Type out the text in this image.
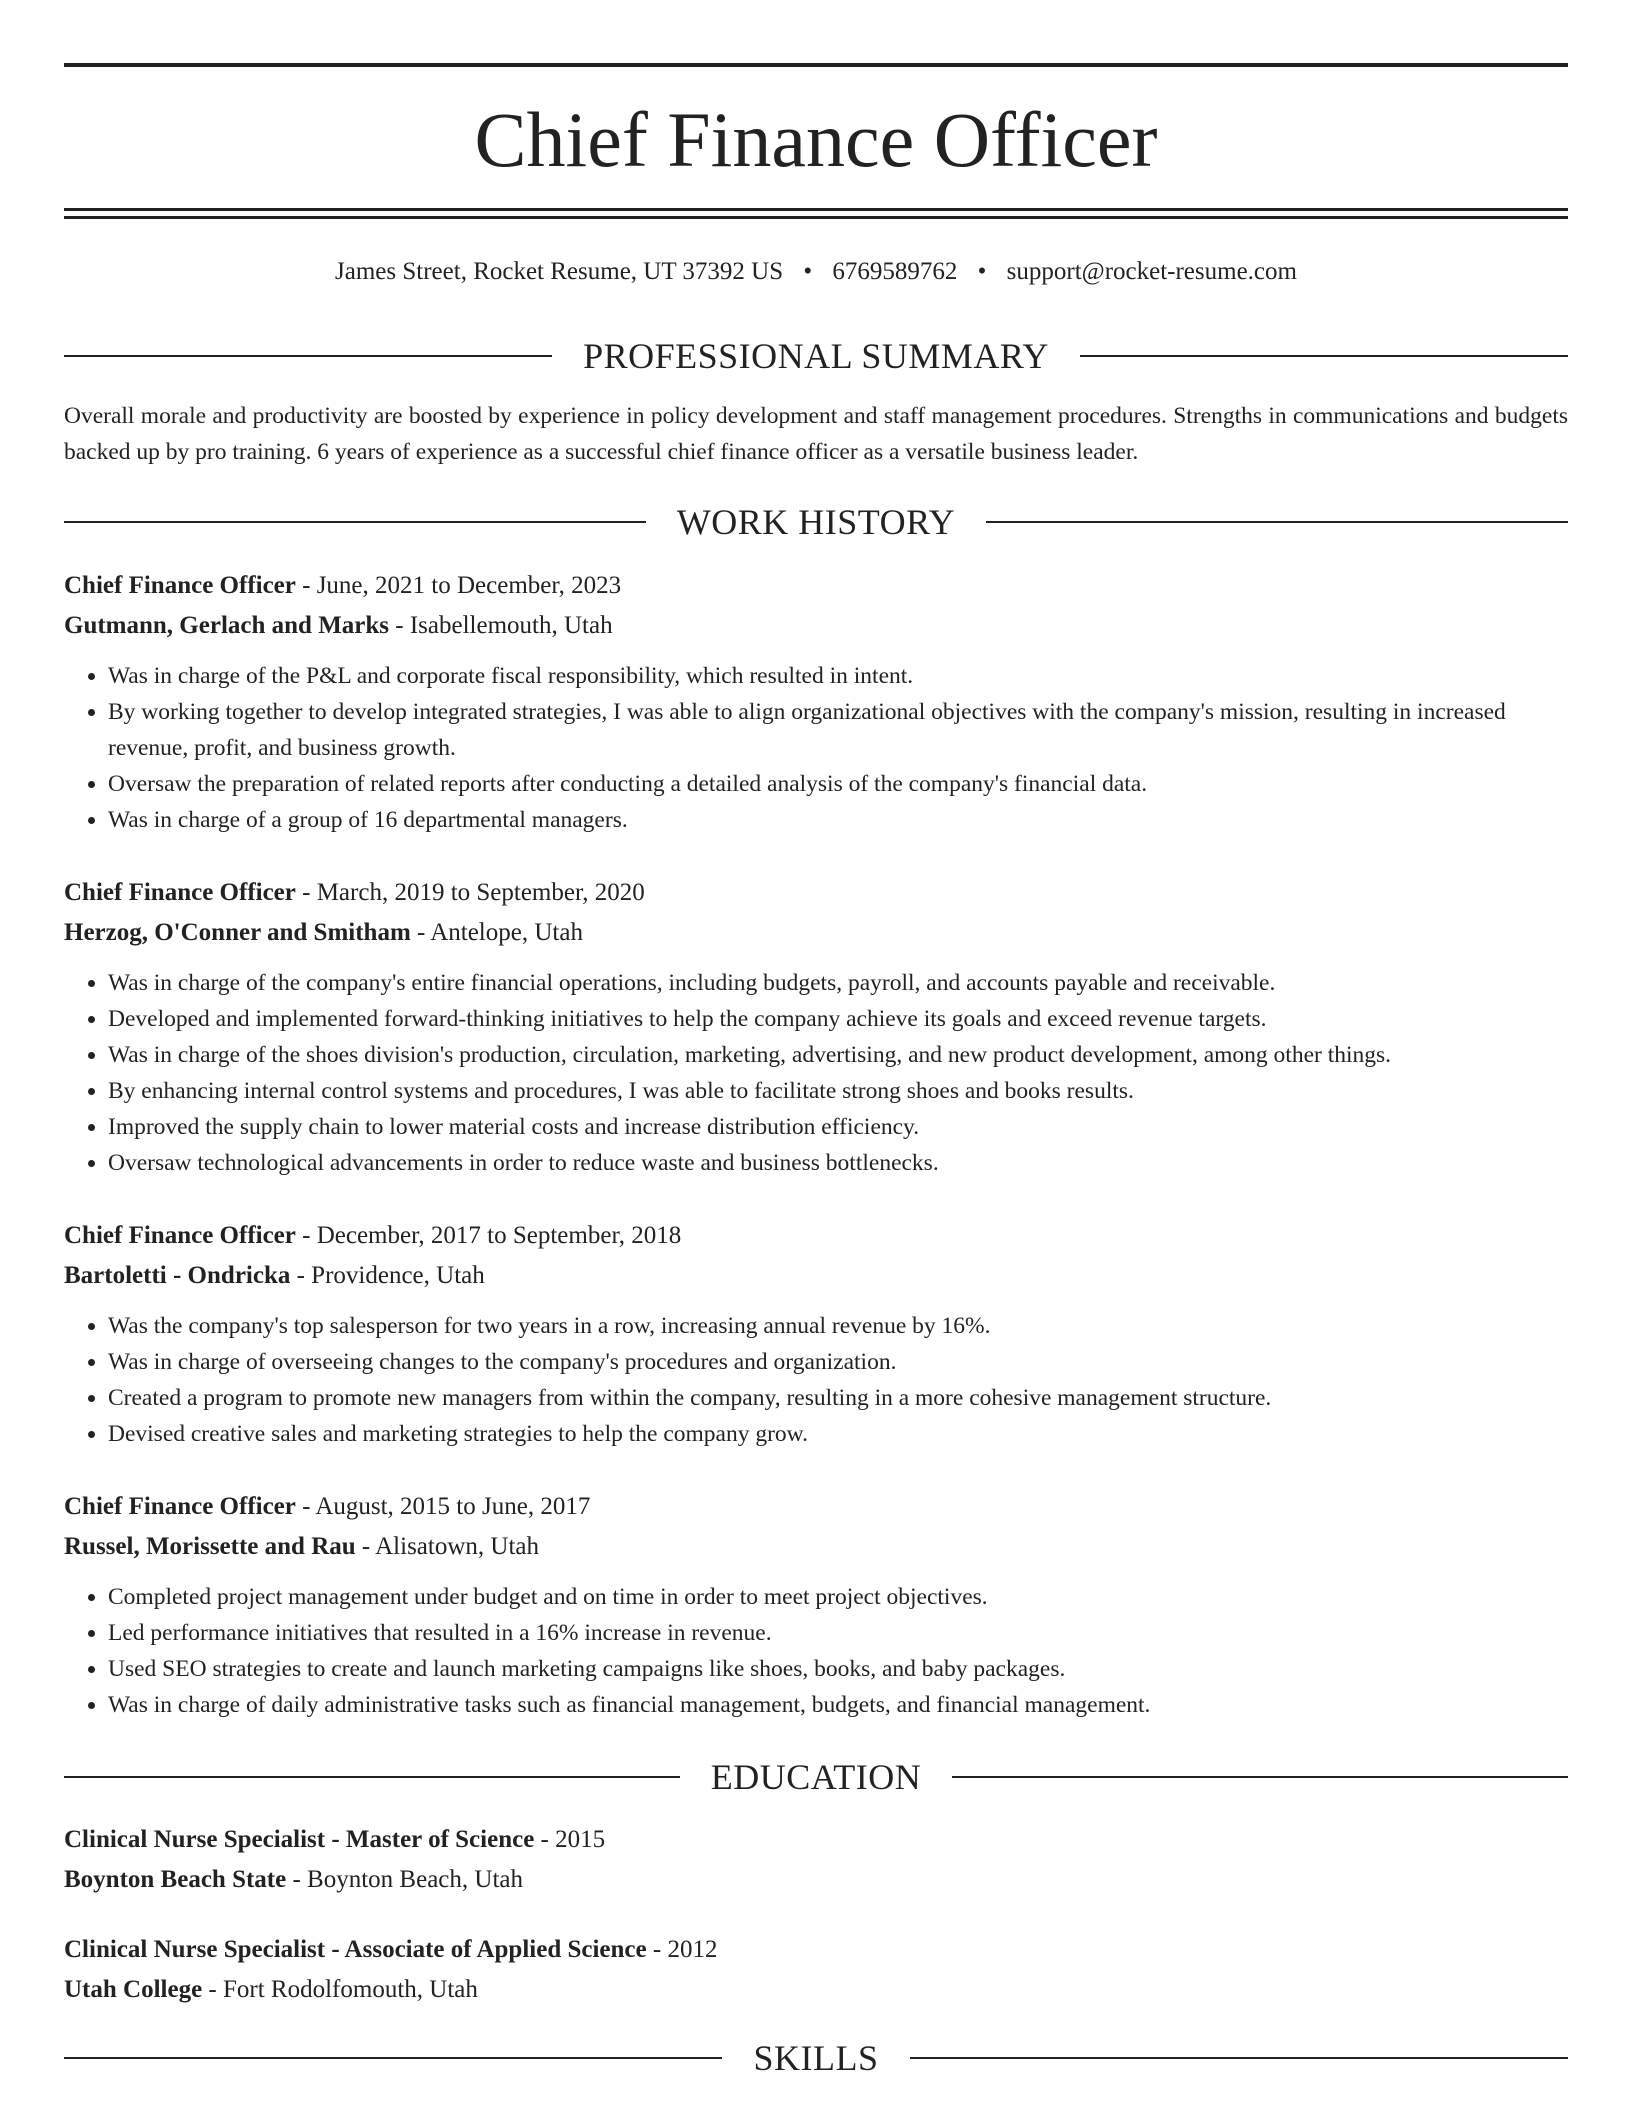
Chief Finance Officer
James Street, Rocket Resume, UT 37392 US • 6769589762 • support@rocket-resume.com
PROFESSIONAL SUMMARY

Overall morale and productivity are boosted by experience in policy development and staff management procedures. Strengths in communications and budgets backed up by pro training. 6 years of experience as a successful chief finance officer as a versatile business leader.

WORK HISTORY
Chief Finance Officer - June, 2021 to December, 2023
Gutmann, Gerlach and Marks - Isabellemouth, Utah
• Was in charge of the P&L and corporate fiscal responsibility, which resulted in intent.
• By working together to develop integrated strategies, I was able to align organizational objectives with the company's mission, resulting in increased revenue, profit, and business growth.
• Oversaw the preparation of related reports after conducting a detailed analysis of the company's financial data.
• Was in charge of a group of 16 departmental managers.
Chief Finance Officer - March, 2019 to September, 2020
Herzog, O'Conner and Smitham - Antelope, Utah
• Was in charge of the company's entire financial operations, including budgets, payroll, and accounts payable and receivable.
• Developed and implemented forward-thinking initiatives to help the company achieve its goals and exceed revenue targets.
• Was in charge of the shoes division's production, circulation, marketing, advertising, and new product development, among other things.
• By enhancing internal control systems and procedures, I was able to facilitate strong shoes and books results.
• Improved the supply chain to lower material costs and increase distribution efficiency.
• Oversaw technological advancements in order to reduce waste and business bottlenecks.
Chief Finance Officer - December, 2017 to September, 2018
Bartoletti - Ondricka - Providence, Utah
• Was the company's top salesperson for two years in a row, increasing annual revenue by 16%.
• Was in charge of overseeing changes to the company's procedures and organization.
• Created a program to promote new managers from within the company, resulting in a more cohesive management structure.
• Devised creative sales and marketing strategies to help the company grow.
Chief Finance Officer - August, 2015 to June, 2017
Russel, Morissette and Rau - Alisatown, Utah
• Completed project management under budget and on time in order to meet project objectives.
• Led performance initiatives that resulted in a 16% increase in revenue.
• Used SEO strategies to create and launch marketing campaigns like shoes, books, and baby packages.
• Was in charge of daily administrative tasks such as financial management, budgets, and financial management.
EDUCATION
Clinical Nurse Specialist - Master of Science - 2015
Boynton Beach State - Boynton Beach, Utah
Clinical Nurse Specialist - Associate of Applied Science - 2012
Utah College - Fort Rodolfomouth, Utah
SKILLS
